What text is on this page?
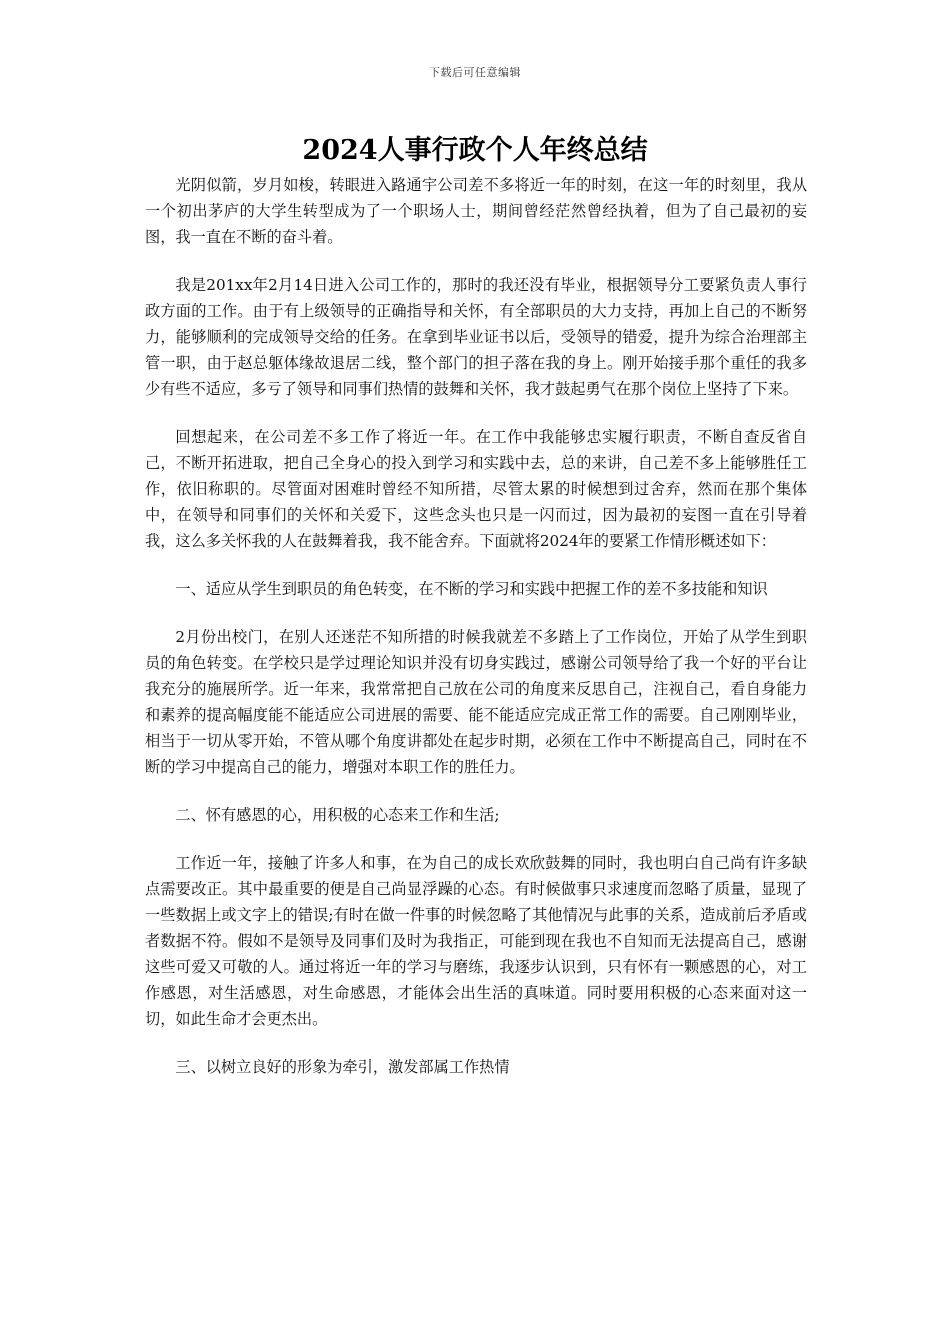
下载后可任意编辑
2024人事行政个人年终总结

光阴似箭，岁月如梭，转眼进入路通宇公司差不多将近一年的时刻，在这一年的时刻里，我从一个初出茅庐的大学生转型成为了一个职场人士，期间曾经茫然曾经执着，但为了自己最初的妄图，我一直在不断的奋斗着。

我是201xx年2月14日进入公司工作的，那时的我还没有毕业，根据领导分工要紧负责人事行政方面的工作。由于有上级领导的正确指导和关怀，有全部职员的大力支持，再加上自己的不断努力，能够顺利的完成领导交给的任务。在拿到毕业证书以后，受领导的错爱，提升为综合治理部主管一职，由于赵总躯体缘故退居二线，整个部门的担子落在我的身上。刚开始接手那个重任的我多少有些不适应，多亏了领导和同事们热情的鼓舞和关怀，我才鼓起勇气在那个岗位上坚持了下来。

回想起来，在公司差不多工作了将近一年。在工作中我能够忠实履行职责，不断自查反省自己，不断开拓进取，把自己全身心的投入到学习和实践中去，总的来讲，自己差不多上能够胜任工作，依旧称职的。尽管面对困难时曾经不知所措，尽管太累的时候想到过舍弃，然而在那个集体中，在领导和同事们的关怀和关爱下，这些念头也只是一闪而过，因为最初的妄图一直在引导着我，这么多关怀我的人在鼓舞着我，我不能舍弃。下面就将2024年的要紧工作情形概述如下：

一、适应从学生到职员的角色转变，在不断的学习和实践中把握工作的差不多技能和知识

2月份出校门，在别人还迷茫不知所措的时候我就差不多踏上了工作岗位，开始了从学生到职员的角色转变。在学校只是学过理论知识并没有切身实践过，感谢公司领导给了我一个好的平台让我充分的施展所学。近一年来，我常常把自己放在公司的角度来反思自己，注视自己，看自身能力和素养的提高幅度能不能适应公司进展的需要、能不能适应完成正常工作的需要。自己刚刚毕业，相当于一切从零开始，不管从哪个角度讲都处在起步时期，必须在工作中不断提高自己，同时在不断的学习中提高自己的能力，增强对本职工作的胜任力。

二、怀有感恩的心，用积极的心态来工作和生活;

工作近一年，接触了许多人和事，在为自己的成长欢欣鼓舞的同时，我也明白自己尚有许多缺点需要改正。其中最重要的便是自己尚显浮躁的心态。有时候做事只求速度而忽略了质量，显现了一些数据上或文字上的错误;有时在做一件事的时候忽略了其他情况与此事的关系，造成前后矛盾或者数据不符。假如不是领导及同事们及时为我指正，可能到现在我也不自知而无法提高自己，感谢这些可爱又可敬的人。通过将近一年的学习与磨练，我逐步认识到，只有怀有一颗感恩的心，对工作感恩，对生活感恩，对生命感恩，才能体会出生活的真味道。同时要用积极的心态来面对这一切，如此生命才会更杰出。

三、以树立良好的形象为牵引，激发部属工作热情
